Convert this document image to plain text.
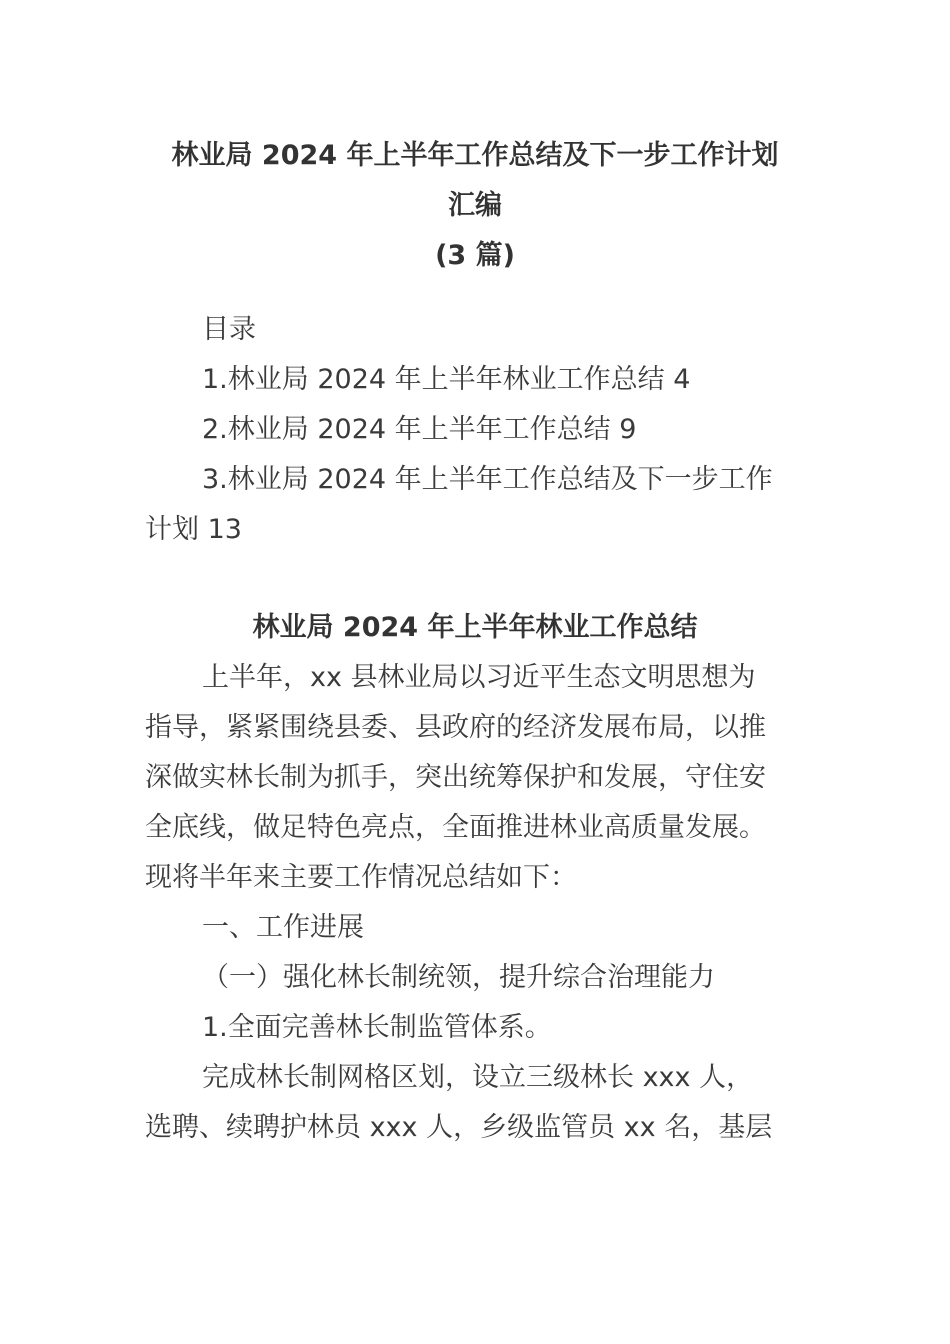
林业局 2024 年上半年工作总结及下一步工作计划
汇编
(3 篇)
目录
1.林业局 2024 年上半年林业工作总结 4
2.林业局 2024 年上半年工作总结 9
3.林业局 2024 年上半年工作总结及下一步工作
计划 13
林业局 2024 年上半年林业工作总结
上半年，xx 县林业局以习近平生态文明思想为
指导，紧紧围绕县委、县政府的经济发展布局，以推
深做实林长制为抓手，突出统筹保护和发展，守住安
全底线，做足特色亮点，全面推进林业高质量发展。
现将半年来主要工作情况总结如下：
一、工作进展
（一）强化林长制统领，提升综合治理能力
1.全面完善林长制监管体系。
完成林长制网格区划，设立三级林长 xxx 人，
选聘、续聘护林员 xxx 人，乡级监管员 xx 名，基层
